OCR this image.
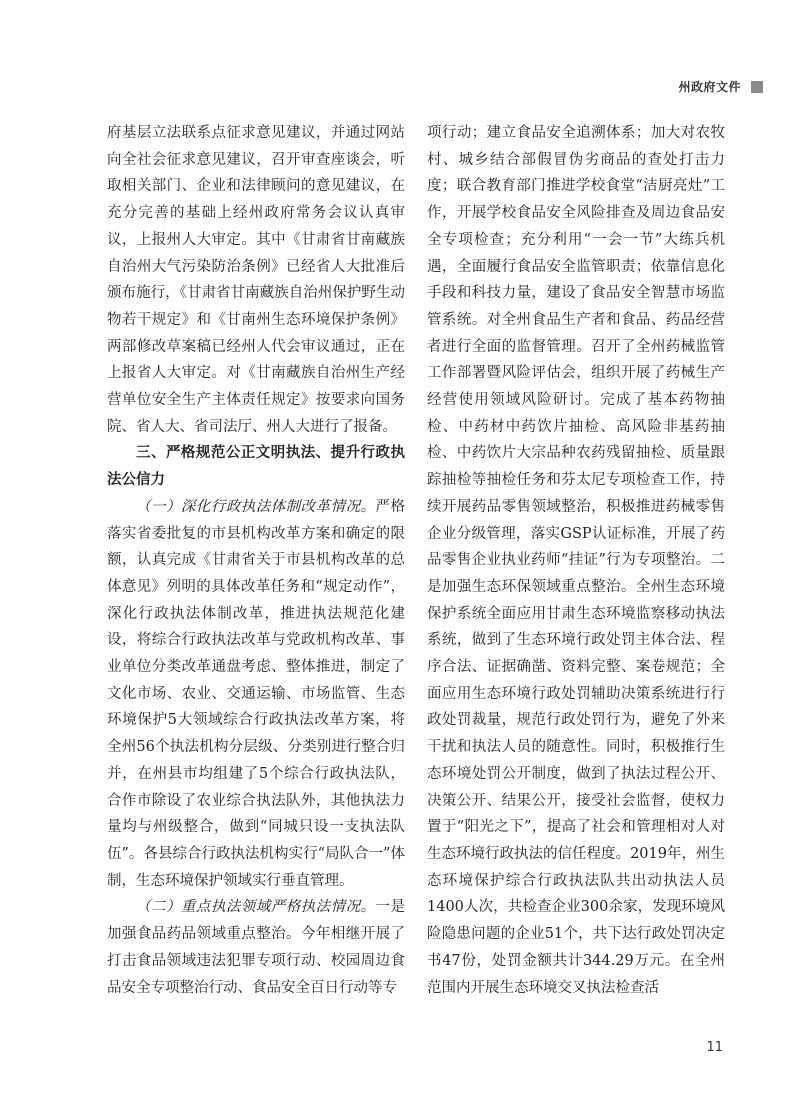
州政府文件

府基层立法联系点征求意见建议，并通过网站向全社会征求意见建议，召开审查座谈会，听取相关部门、企业和法律顾问的意见建议，在充分完善的基础上经州政府常务会议认真审议，上报州人大审定。其中《甘肃省甘南藏族自治州大气污染防治条例》已经省人大批准后颁布施行，《甘肃省甘南藏族自治州保护野生动物若干规定》和《甘南州生态环境保护条例》两部修改草案稿已经州人代会审议通过，正在上报省人大审定。对《甘南藏族自治州生产经营单位安全生产主体责任规定》按要求向国务院、省人大、省司法厅、州人大进行了报备。

三、严格规范公正文明执法、提升行政执法公信力

（一）深化行政执法体制改革情况。严格落实省委批复的市县机构改革方案和确定的限额，认真完成《甘肃省关于市县机构改革的总体意见》列明的具体改革任务和“规定动作”，深化行政执法体制改革，推进执法规范化建设，将综合行政执法改革与党政机构改革、事业单位分类改革通盘考虑、整体推进，制定了文化市场、农业、交通运输、市场监管、生态环境保护5大领域综合行政执法改革方案，将全州56个执法机构分层级、分类别进行整合归并，在州县市均组建了5个综合行政执法队，合作市除设了农业综合执法队外，其他执法力量均与州级整合，做到“同城只设一支执法队伍”。各县综合行政执法机构实行“局队合一”体制，生态环境保护领域实行垂直管理。

（二）重点执法领域严格执法情况。一是加强食品药品领域重点整治。今年相继开展了打击食品领域违法犯罪专项行动、校园周边食品安全专项整治行动、食品安全百日行动等专

项行动；建立食品安全追溯体系；加大对农牧村、城乡结合部假冒伪劣商品的查处打击力度；联合教育部门推进学校食堂“洁厨亮灶”工作，开展学校食品安全风险排查及周边食品安全专项检查；充分利用“一会一节”大练兵机遇，全面履行食品安全监管职责；依靠信息化手段和科技力量，建设了食品安全智慧市场监管系统。对全州食品生产者和食品、药品经营者进行全面的监督管理。召开了全州药械监管工作部署暨风险评估会，组织开展了药械生产经营使用领域风险研讨。完成了基本药物抽检、中药材中药饮片抽检、高风险非基药抽检、中药饮片大宗品种农药残留抽检、质量跟踪抽检等抽检任务和芬太尼专项检查工作，持续开展药品零售领域整治，积极推进药械零售企业分级管理，落实GSP认证标准，开展了药品零售企业执业药师“挂证”行为专项整治。二是加强生态环保领域重点整治。全州生态环境保护系统全面应用甘肃生态环境监察移动执法系统，做到了生态环境行政处罚主体合法、程序合法、证据确凿、资料完整、案卷规范；全面应用生态环境行政处罚辅助决策系统进行行政处罚裁量，规范行政处罚行为，避免了外来干扰和执法人员的随意性。同时，积极推行生态环境处罚公开制度，做到了执法过程公开、决策公开、结果公开，接受社会监督，使权力置于“阳光之下”，提高了社会和管理相对人对生态环境行政执法的信任程度。2019年，州生态环境保护综合行政执法队共出动执法人员1400人次，共检查企业300余家，发现环境风险隐患问题的企业51个，共下达行政处罚决定书47份，处罚金额共计344.29万元。在全州范围内开展生态环境交叉执法检查活

11
